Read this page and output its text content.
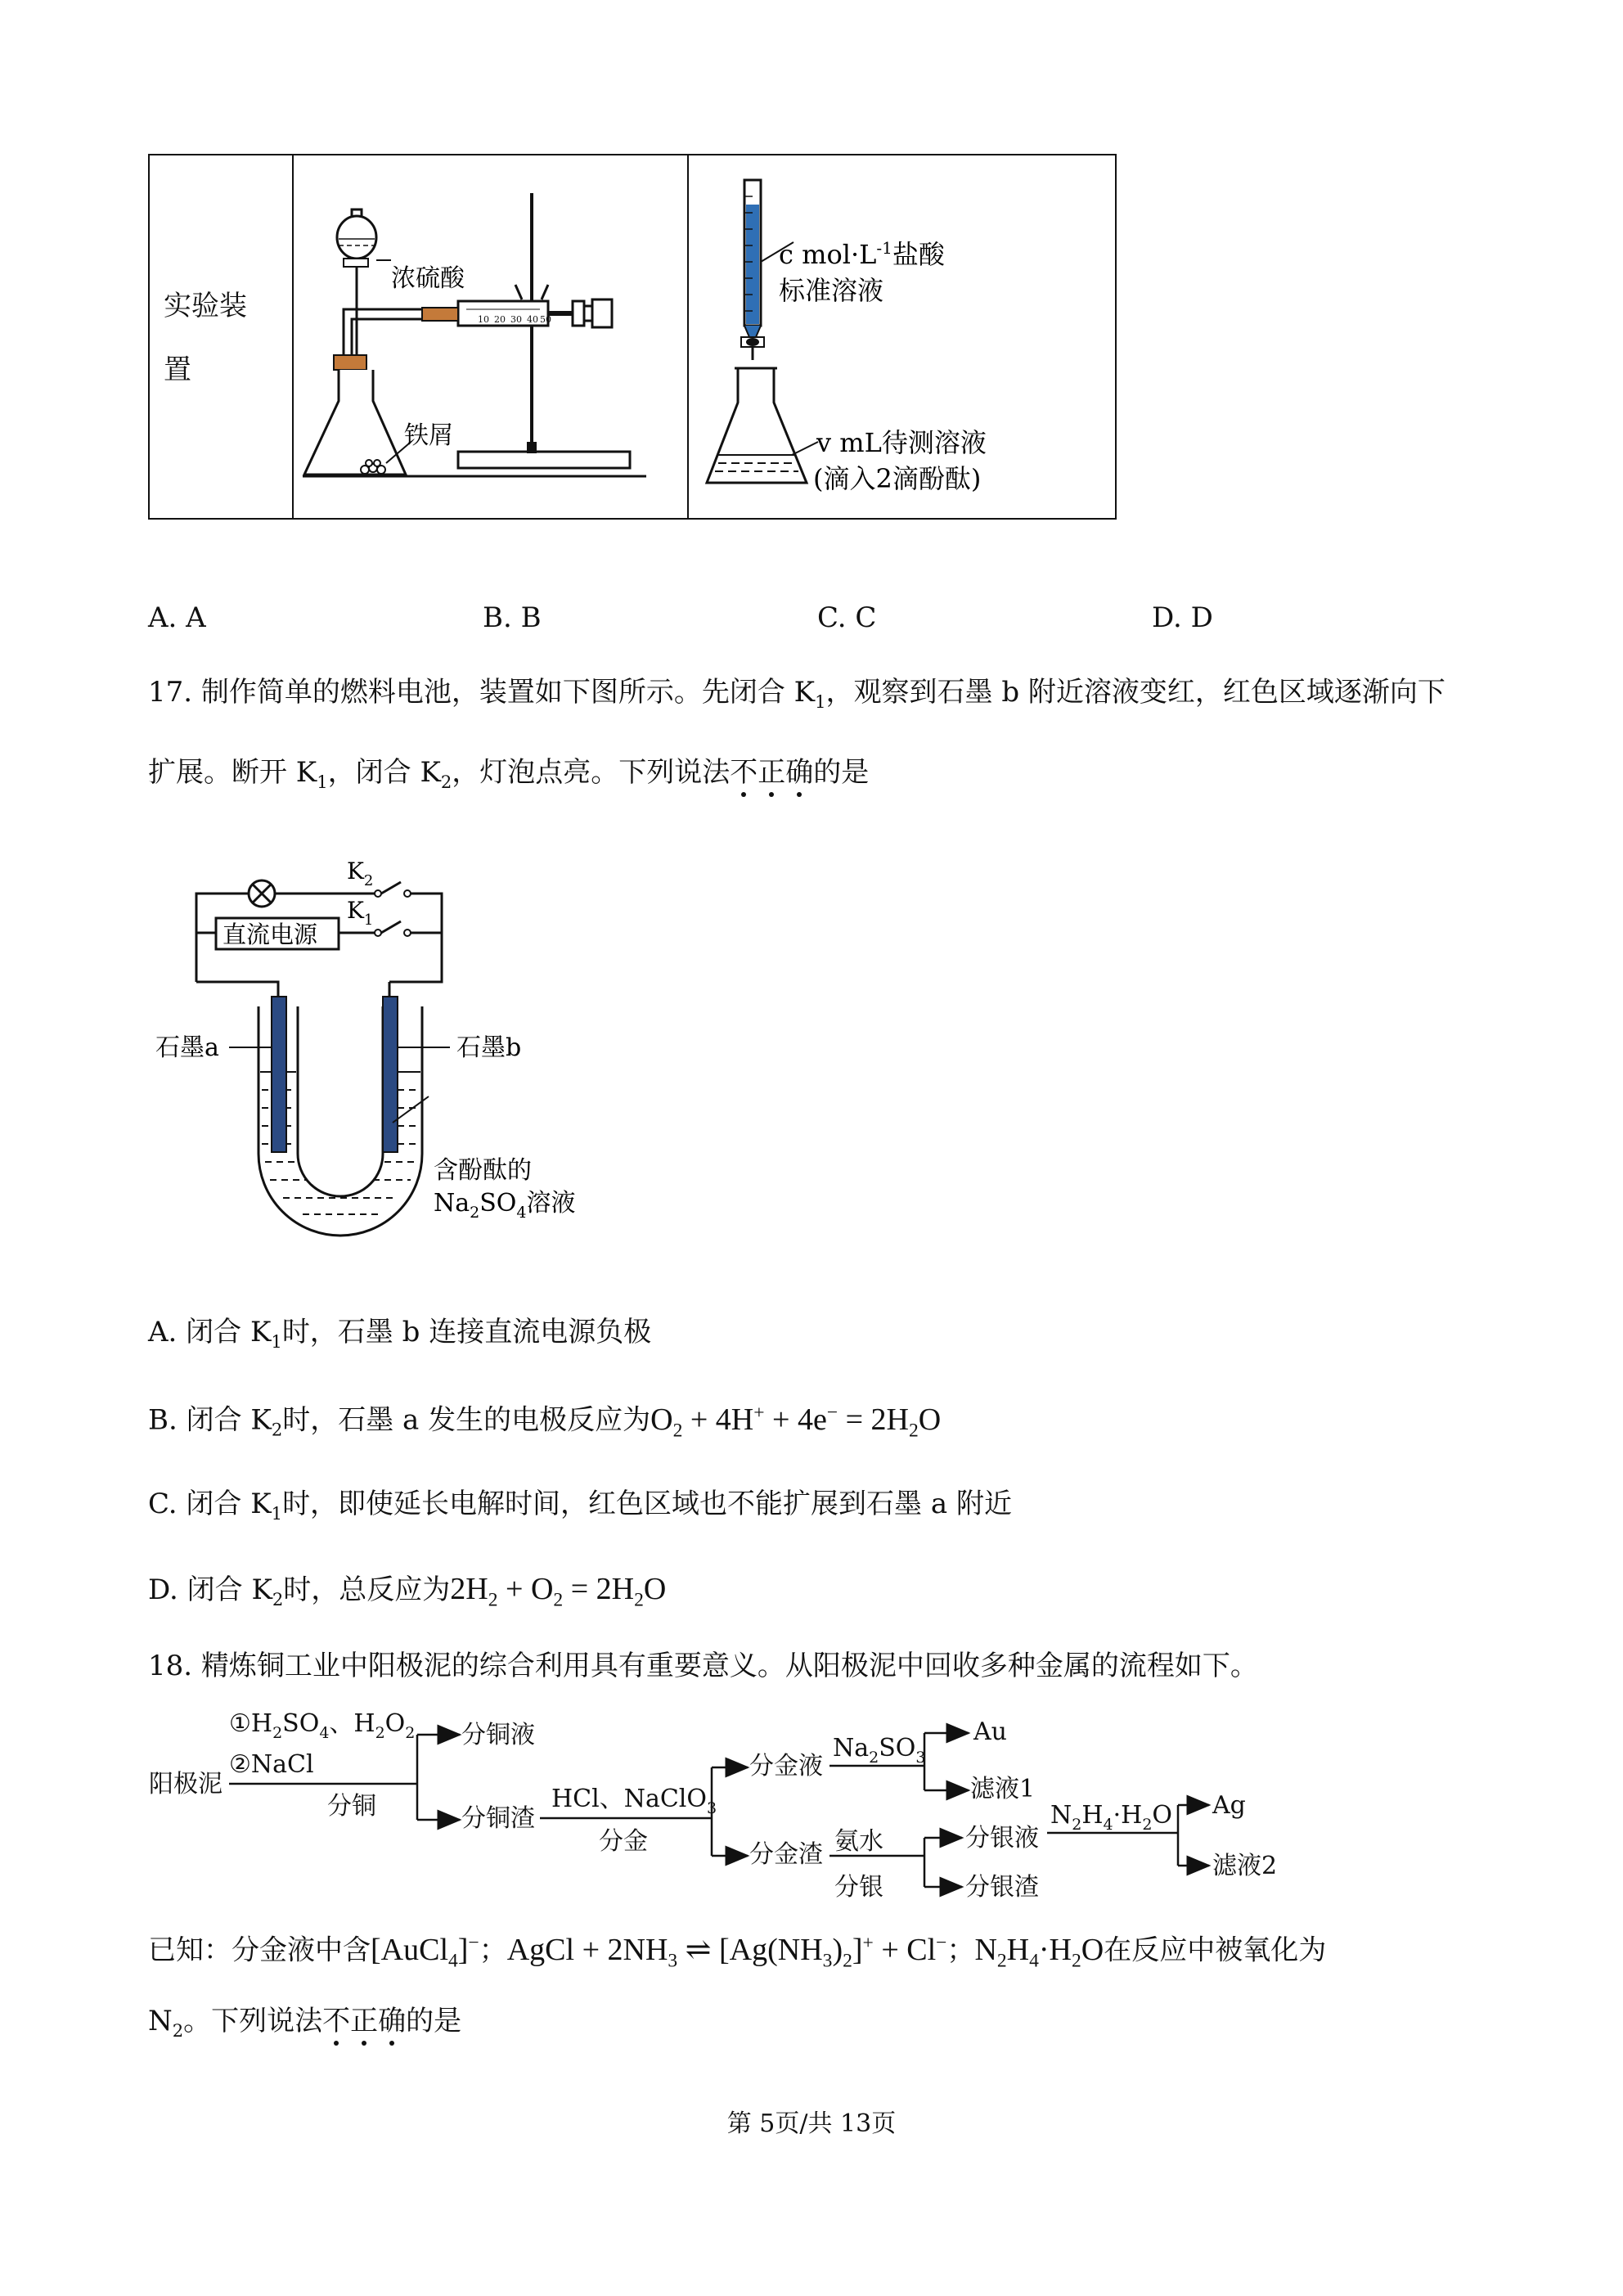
实验装
置
10 20 30 40 50
浓硫酸
铁屑
c $mol\cdot L^{-1}$盐酸
标准溶液
v mL待测溶液
(滴入2滴酚酞)
A. A	B. B	C. C	D. D
17. 制作简单的燃料电池，装置如下图所示。先闭合 $K_1$，观察到石墨 b 附近溶液变红，红色区域逐渐向下
扩展。断开 $K_1$，闭合 $K_2$，灯泡点亮。下列说法不正确的是
$K_2$
$K_1$
直流电源
石墨a	石墨b
含酚酞的
$Na_2SO_4$溶液
A. 闭合 $K_1$时，石墨 b 连接直流电源负极
B. 闭合 $K_2$时，石墨 a 发生的电极反应为$O_2 + 4H^+ + 4e^- = 2H_2O$
C. 闭合 $K_1$时，即使延长电解时间，红色区域也不能扩展到石墨 a 附近
D. 闭合 $K_2$时，总反应为$2H_2 + O_2 = 2H_2O$
18. 精炼铜工业中阳极泥的综合利用具有重要意义。从阳极泥中回收多种金属的流程如下。
阳极泥
$①H_2SO_4$、$H_2O_2$
②NaCl
分铜
分铜液
分铜渣
HCl、NaClO$_3$
分金
分金液
分金渣
$Na_2SO_3$
Au
滤液1
氨水
分银
分银液
分银渣
$N_2H_4\cdot H_2O$ Ag
滤液2
已知：分金液中含[AuCl$_4$]−；AgCl + $2NH_3$ ⇌ $[Ag(NH_3)_2]^+ + Cl^-$；$N_2H_4\cdot H_2O$在反应中被氧化为
$N_2$。下列说法不正确的是
第 5页/共 13页
